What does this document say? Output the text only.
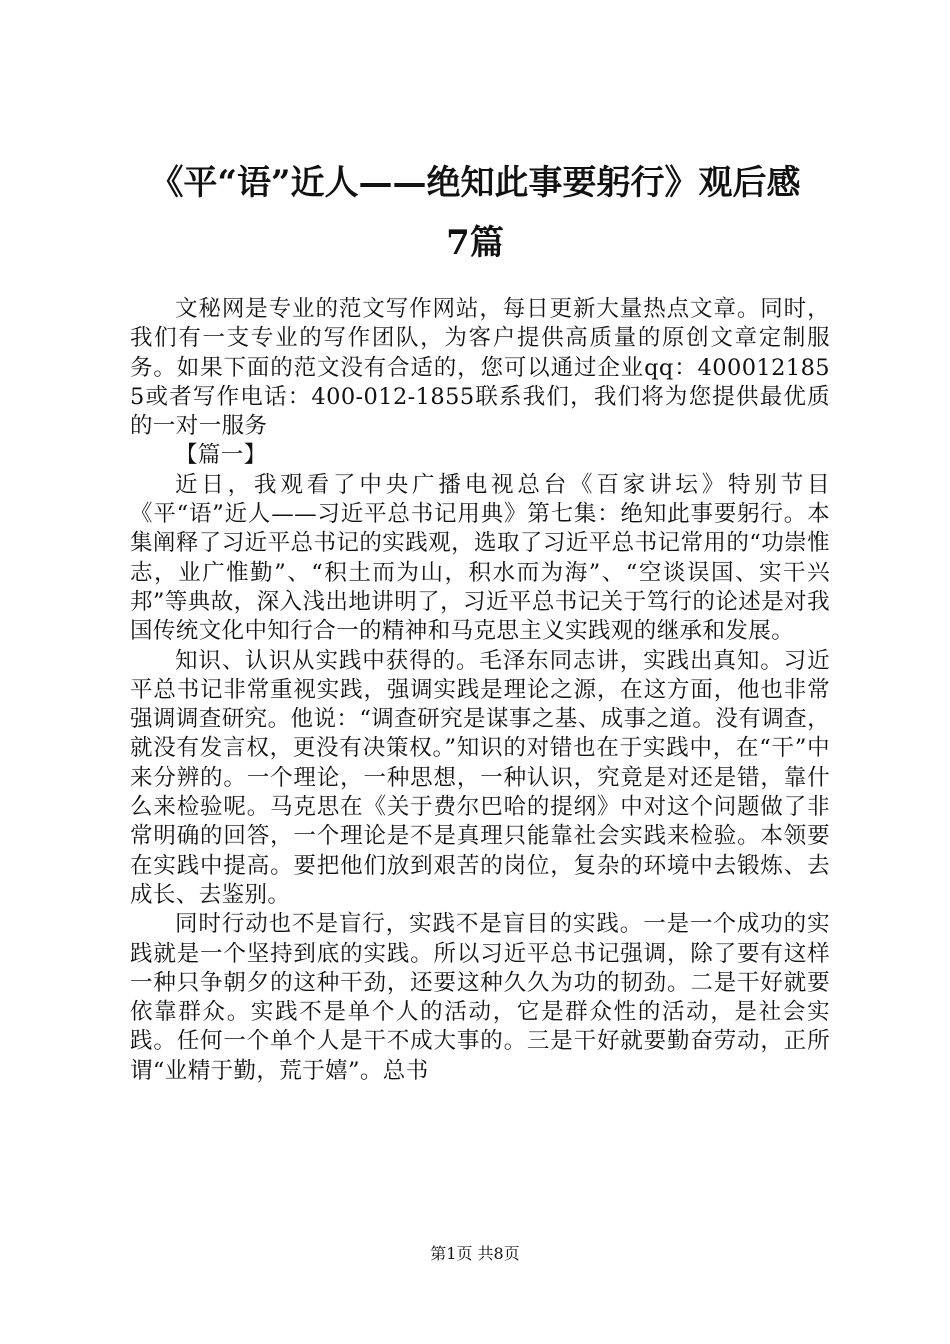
《平“语”近人——绝知此事要躬行》观后感
7篇

文秘网是专业的范文写作网站，每日更新大量热点文章。同时，我们有一支专业的写作团队，为客户提供高质量的原创文章定制服务。如果下面的范文没有合适的，您可以通过企业qq：4000121855或者写作电话：400-012-1855联系我们，我们将为您提供最优质的一对一服务

【篇一】

近日，我观看了中央广播电视总台《百家讲坛》特别节目《平“语”近人——习近平总书记用典》第七集：绝知此事要躬行。本集阐释了习近平总书记的实践观，选取了习近平总书记常用的“功崇惟志，业广惟勤”、“积土而为山，积水而为海”、“空谈误国、实干兴邦”等典故，深入浅出地讲明了，习近平总书记关于笃行的论述是对我国传统文化中知行合一的精神和马克思主义实践观的继承和发展。

知识、认识从实践中获得的。毛泽东同志讲，实践出真知。习近平总书记非常重视实践，强调实践是理论之源，在这方面，他也非常强调调查研究。他说：“调查研究是谋事之基、成事之道。没有调查，就没有发言权，更没有决策权。”知识的对错也在于实践中，在“干”中来分辨的。一个理论，一种思想，一种认识，究竟是对还是错，靠什么来检验呢。马克思在《关于费尔巴哈的提纲》中对这个问题做了非常明确的回答，一个理论是不是真理只能靠社会实践来检验。本领要在实践中提高。要把他们放到艰苦的岗位，复杂的环境中去锻炼、去成长、去鉴别。

同时行动也不是盲行，实践不是盲目的实践。一是一个成功的实践就是一个坚持到底的实践。所以习近平总书记强调，除了要有这样一种只争朝夕的这种干劲，还要这种久久为功的韧劲。二是干好就要依靠群众。实践不是单个人的活动，它是群众性的活动，是社会实践。任何一个单个人是干不成大事的。三是干好就要勤奋劳动，正所谓“业精于勤，荒于嬉”。总书

第1页 共8页
